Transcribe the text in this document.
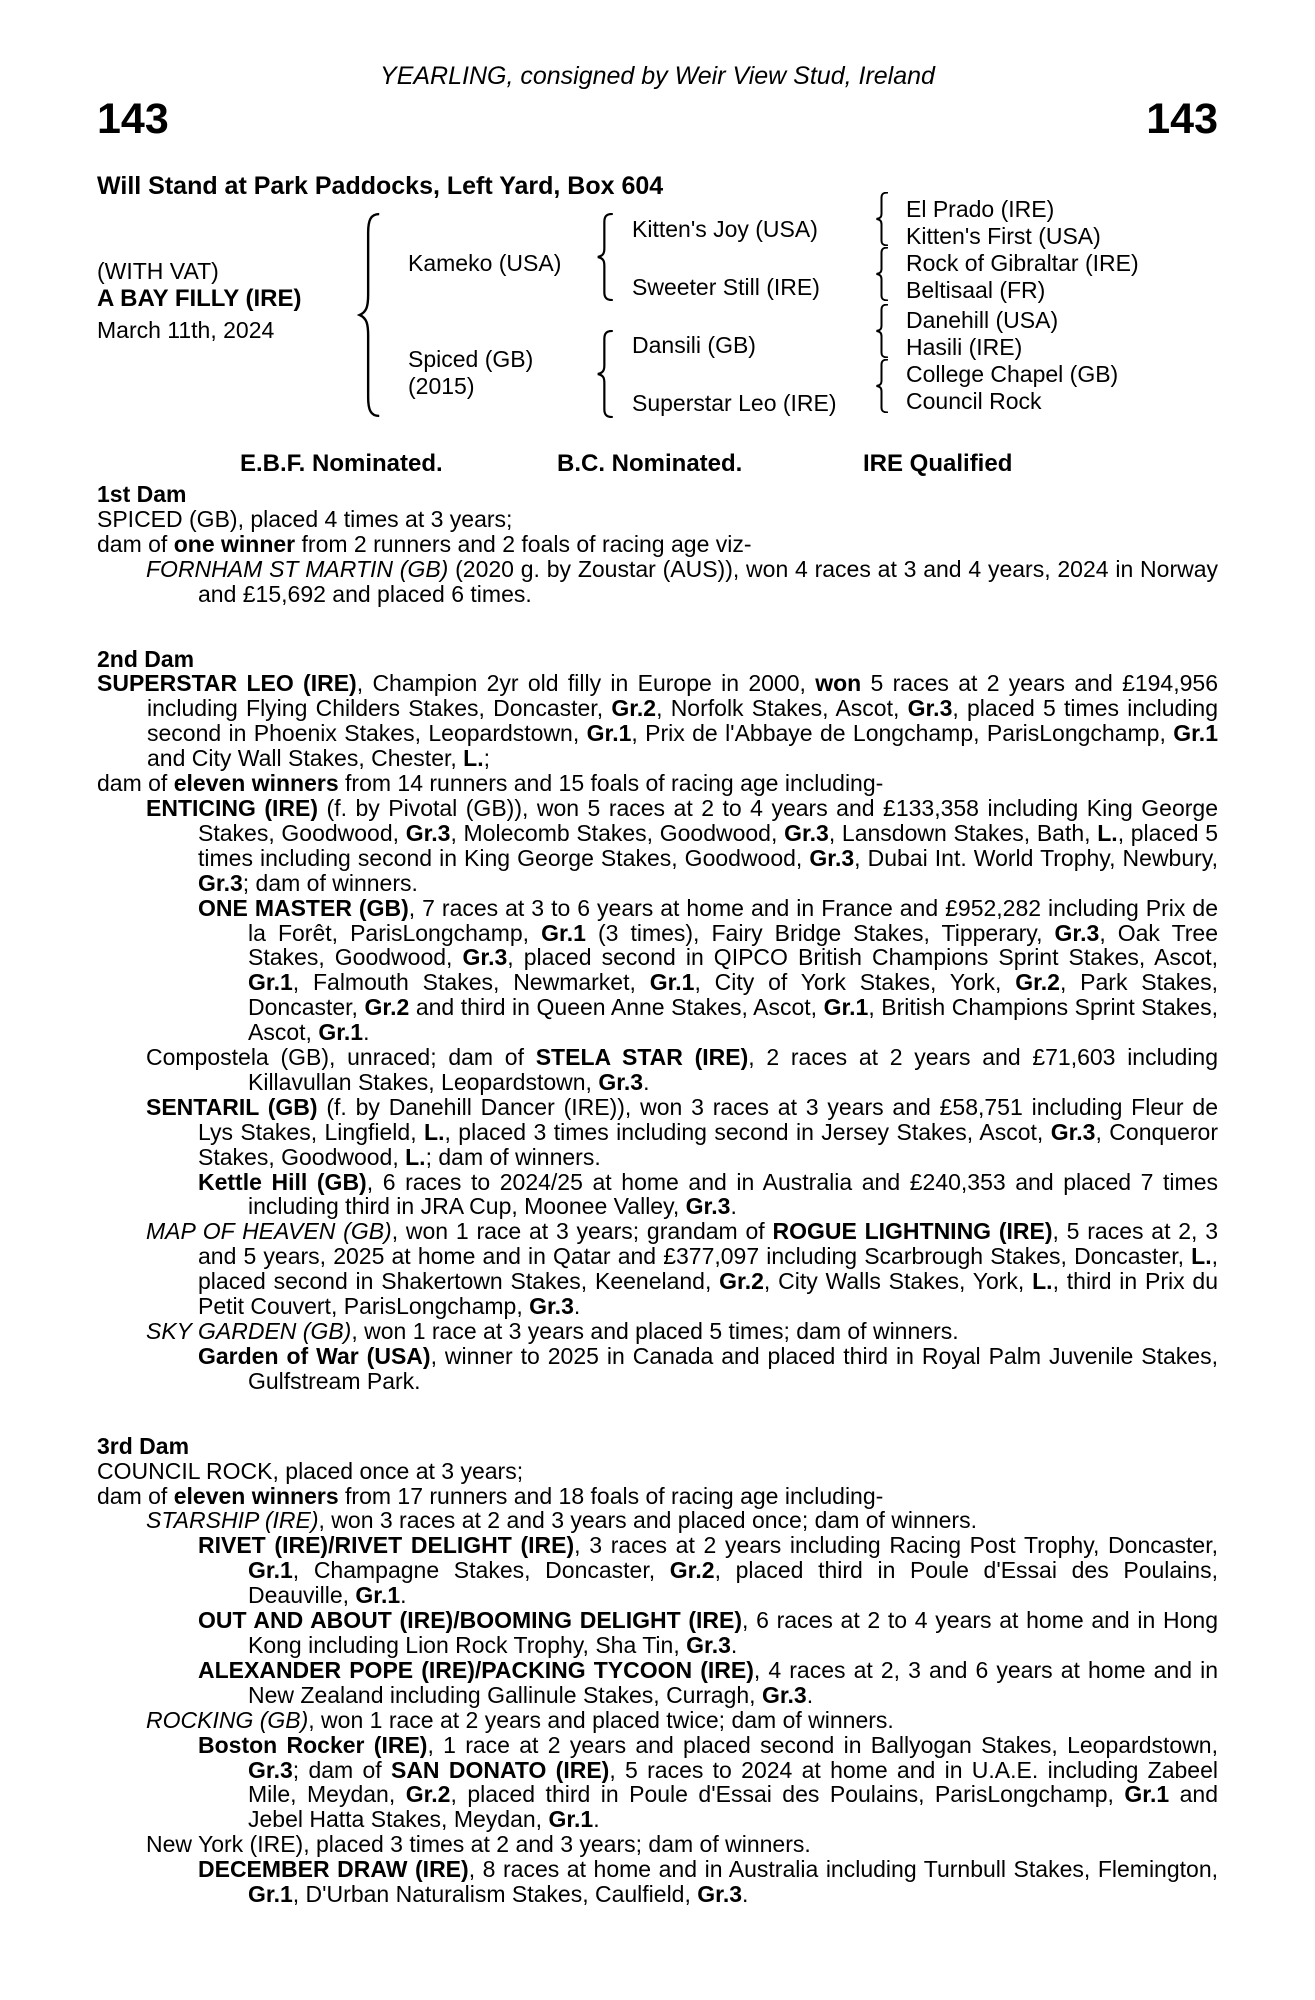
YEARLING, consigned by Weir View Stud, Ireland
143	143
Will Stand at Park Paddocks, Left Yard, Box 604
(WITH VAT)
A BAY FILLY (IRE)
March 11th, 2024
Kameko (USA)
Spiced (GB)
(2015)
Kitten's Joy (USA)
Sweeter Still (IRE)
Dansili (GB)
Superstar Leo (IRE)
El Prado (IRE)
Kitten's First (USA)
Rock of Gibraltar (IRE)
Beltisaal (FR)
Danehill (USA)
Hasili (IRE)
College Chapel (GB)
Council Rock
E.B.F. Nominated.	B.C. Nominated.	IRE Qualified
1st Dam

SPICED (GB), placed 4 times at 3 years;

dam of one winner from 2 runners and 2 foals of racing age viz-

FORNHAM ST MARTIN (GB) (2020 g. by Zoustar (AUS)), won 4 races at 3 and 4 years, 2024 in Norway and £15,692 and placed 6 times.

2nd Dam

SUPERSTAR LEO (IRE), Champion 2yr old filly in Europe in 2000, won 5 races at 2 years and £194,956 including Flying Childers Stakes, Doncaster, Gr.2, Norfolk Stakes, Ascot, Gr.3, placed 5 times including second in Phoenix Stakes, Leopardstown, Gr.1, Prix de l'Abbaye de Longchamp, ParisLongchamp, Gr.1 and City Wall Stakes, Chester, L.;

dam of eleven winners from 14 runners and 15 foals of racing age including-

ENTICING (IRE) (f. by Pivotal (GB)), won 5 races at 2 to 4 years and £133,358 including King George Stakes, Goodwood, Gr.3, Molecomb Stakes, Goodwood, Gr.3, Lansdown Stakes, Bath, L., placed 5 times including second in King George Stakes, Goodwood, Gr.3, Dubai Int. World Trophy, Newbury, Gr.3; dam of winners.

ONE MASTER (GB), 7 races at 3 to 6 years at home and in France and £952,282 including Prix de la Forêt, ParisLongchamp, Gr.1 (3 times), Fairy Bridge Stakes, Tipperary, Gr.3, Oak Tree Stakes, Goodwood, Gr.3, placed second in QIPCO British Champions Sprint Stakes, Ascot, Gr.1, Falmouth Stakes, Newmarket, Gr.1, City of York Stakes, York, Gr.2, Park Stakes, Doncaster, Gr.2 and third in Queen Anne Stakes, Ascot, Gr.1, British Champions Sprint Stakes, Ascot, Gr.1.

Compostela (GB), unraced; dam of STELA STAR (IRE), 2 races at 2 years and £71,603 including Killavullan Stakes, Leopardstown, Gr.3.

SENTARIL (GB) (f. by Danehill Dancer (IRE)), won 3 races at 3 years and £58,751 including Fleur de Lys Stakes, Lingfield, L., placed 3 times including second in Jersey Stakes, Ascot, Gr.3, Conqueror Stakes, Goodwood, L.; dam of winners.

Kettle Hill (GB), 6 races to 2024/25 at home and in Australia and £240,353 and placed 7 times including third in JRA Cup, Moonee Valley, Gr.3.

MAP OF HEAVEN (GB), won 1 race at 3 years; grandam of ROGUE LIGHTNING (IRE), 5 races at 2, 3 and 5 years, 2025 at home and in Qatar and £377,097 including Scarbrough Stakes, Doncaster, L., placed second in Shakertown Stakes, Keeneland, Gr.2, City Walls Stakes, York, L., third in Prix du Petit Couvert, ParisLongchamp, Gr.3.

SKY GARDEN (GB), won 1 race at 3 years and placed 5 times; dam of winners.

Garden of War (USA), winner to 2025 in Canada and placed third in Royal Palm Juvenile Stakes, Gulfstream Park.

3rd Dam

COUNCIL ROCK, placed once at 3 years;

dam of eleven winners from 17 runners and 18 foals of racing age including-

STARSHIP (IRE), won 3 races at 2 and 3 years and placed once; dam of winners.

RIVET (IRE)/RIVET DELIGHT (IRE), 3 races at 2 years including Racing Post Trophy, Doncaster, Gr.1, Champagne Stakes, Doncaster, Gr.2, placed third in Poule d'Essai des Poulains, Deauville, Gr.1.

OUT AND ABOUT (IRE)/BOOMING DELIGHT (IRE), 6 races at 2 to 4 years at home and in Hong Kong including Lion Rock Trophy, Sha Tin, Gr.3.

ALEXANDER POPE (IRE)/PACKING TYCOON (IRE), 4 races at 2, 3 and 6 years at home and in New Zealand including Gallinule Stakes, Curragh, Gr.3.

ROCKING (GB), won 1 race at 2 years and placed twice; dam of winners.

Boston Rocker (IRE), 1 race at 2 years and placed second in Ballyogan Stakes, Leopardstown, Gr.3; dam of SAN DONATO (IRE), 5 races to 2024 at home and in U.A.E. including Zabeel Mile, Meydan, Gr.2, placed third in Poule d'Essai des Poulains, ParisLongchamp, Gr.1 and Jebel Hatta Stakes, Meydan, Gr.1.

New York (IRE), placed 3 times at 2 and 3 years; dam of winners.

DECEMBER DRAW (IRE), 8 races at home and in Australia including Turnbull Stakes, Flemington, Gr.1, D'Urban Naturalism Stakes, Caulfield, Gr.3.
